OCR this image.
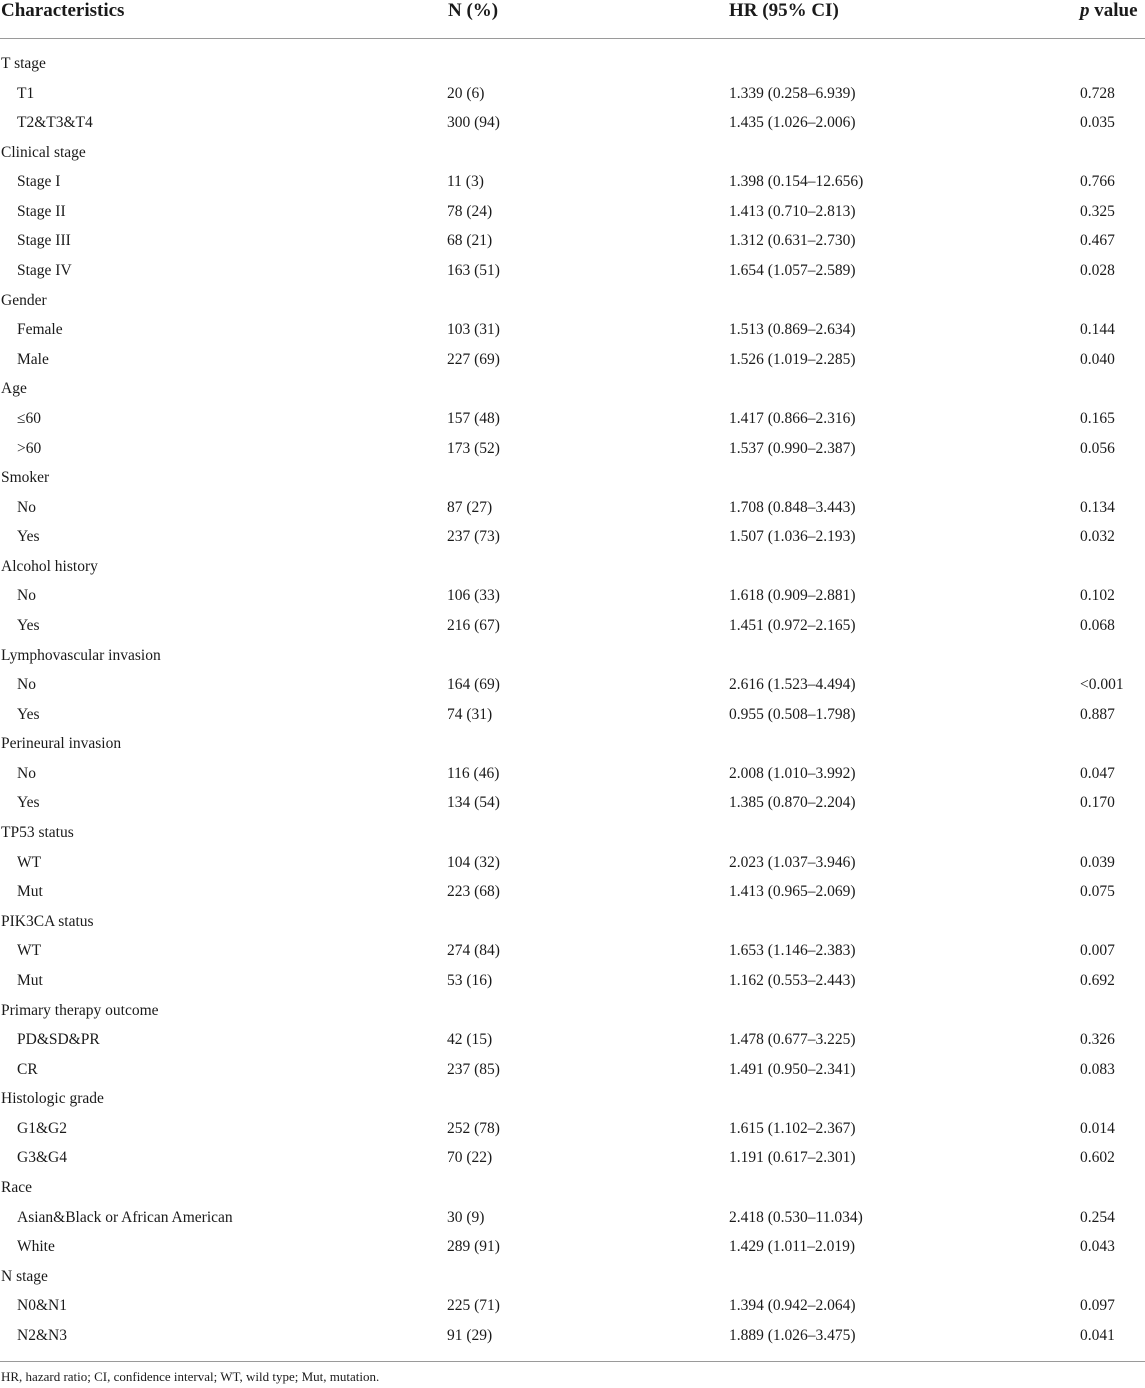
Characteristics	N (%)	HR (95% CI)	p value
T stage
T1	20 (6)	1.339 (0.258–6.939)	0.728
T2&T3&T4	300 (94)	1.435 (1.026–2.006)	0.035
Clinical stage
Stage I	11 (3)	1.398 (0.154–12.656)	0.766
Stage II	78 (24)	1.413 (0.710–2.813)	0.325
Stage III	68 (21)	1.312 (0.631–2.730)	0.467
Stage IV	163 (51)	1.654 (1.057–2.589)	0.028
Gender
Female	103 (31)	1.513 (0.869–2.634)	0.144
Male	227 (69)	1.526 (1.019–2.285)	0.040
Age
≤60	157 (48)	1.417 (0.866–2.316)	0.165
>60	173 (52)	1.537 (0.990–2.387)	0.056
Smoker
No	87 (27)	1.708 (0.848–3.443)	0.134
Yes	237 (73)	1.507 (1.036–2.193)	0.032
Alcohol history
No	106 (33)	1.618 (0.909–2.881)	0.102
Yes	216 (67)	1.451 (0.972–2.165)	0.068
Lymphovascular invasion
No	164 (69)	2.616 (1.523–4.494)	<0.001
Yes	74 (31)	0.955 (0.508–1.798)	0.887
Perineural invasion
No	116 (46)	2.008 (1.010–3.992)	0.047
Yes	134 (54)	1.385 (0.870–2.204)	0.170
TP53 status
WT	104 (32)	2.023 (1.037–3.946)	0.039
Mut	223 (68)	1.413 (0.965–2.069)	0.075
PIK3CA status
WT	274 (84)	1.653 (1.146–2.383)	0.007
Mut	53 (16)	1.162 (0.553–2.443)	0.692
Primary therapy outcome
PD&SD&PR	42 (15)	1.478 (0.677–3.225)	0.326
CR	237 (85)	1.491 (0.950–2.341)	0.083
Histologic grade
G1&G2	252 (78)	1.615 (1.102–2.367)	0.014
G3&G4	70 (22)	1.191 (0.617–2.301)	0.602
Race
Asian&Black or African American	30 (9)	2.418 (0.530–11.034)	0.254
White	289 (91)	1.429 (1.011–2.019)	0.043
N stage
N0&N1	225 (71)	1.394 (0.942–2.064)	0.097
N2&N3	91 (29)	1.889 (1.026–3.475)	0.041
HR, hazard ratio; CI, confidence interval; WT, wild type; Mut, mutation.
